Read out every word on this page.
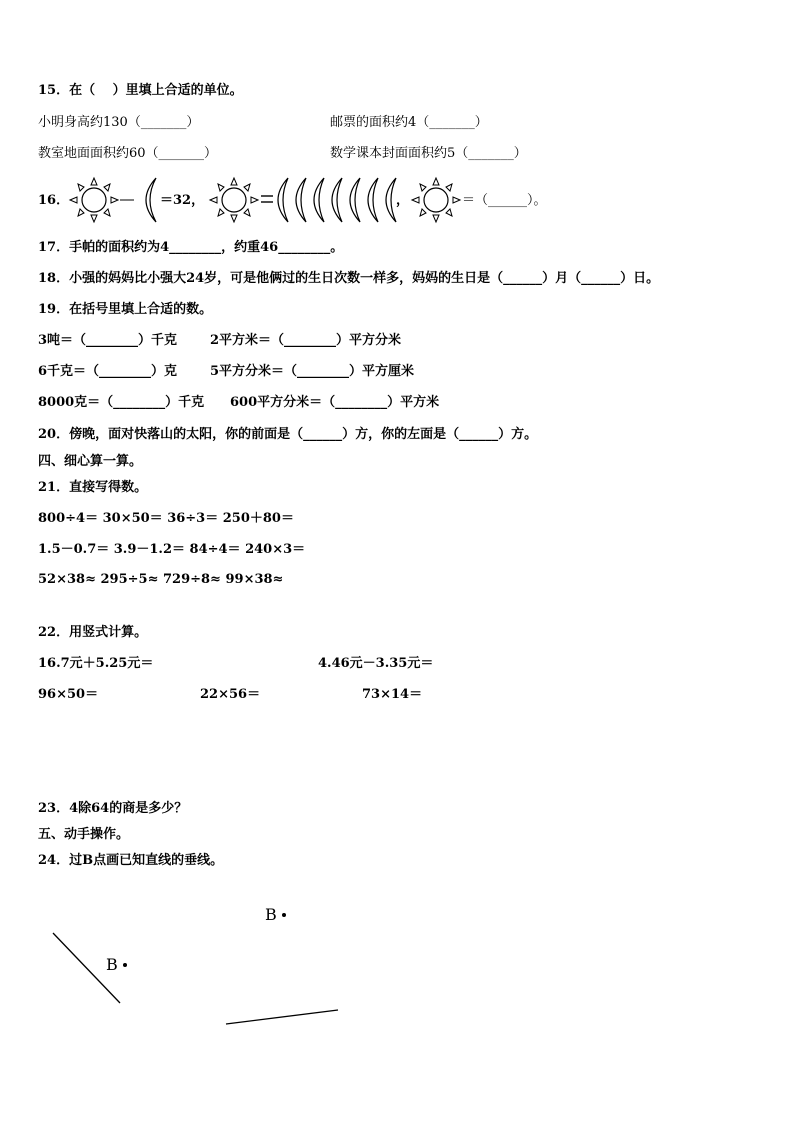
15．在（　 ）里填上合适的单位。
小明身高约130（_______）	邮票的面积约4（_______）
教室地面面积约60（_______）	数学课本封面面积约5（_______）
16．	＝32，	，	＝（______）。
17．手帕的面积约为4________，约重46________。
18．小强的妈妈比小强大24岁，可是他俩过的生日次数一样多，妈妈的生日是（______）月（______）日。
19．在括号里填上合适的数。
3吨＝（________）千克	2平方米＝（________）平方分米
6千克＝（________）克	5平方分米＝（________）平方厘米
8000克＝（________）千克 600平方分米＝（________）平方米
20．傍晚，面对快落山的太阳，你的前面是（______）方，你的左面是（______）方。
四、细心算一算。
21．直接写得数。
800÷4＝ 30×50＝ 36÷3＝ 250＋80＝
1.5－0.7＝ 3.9－1.2＝ 84÷4＝ 240×3＝
52×38≈ 295÷5≈ 729÷8≈ 99×38≈
22．用竖式计算。
16.7元＋5.25元＝	4.46元－3.35元＝
96×50＝	22×56＝	73×14＝
23．4除64的商是多少？
五、动手操作。
24．过B点画已知直线的垂线。
B
B
